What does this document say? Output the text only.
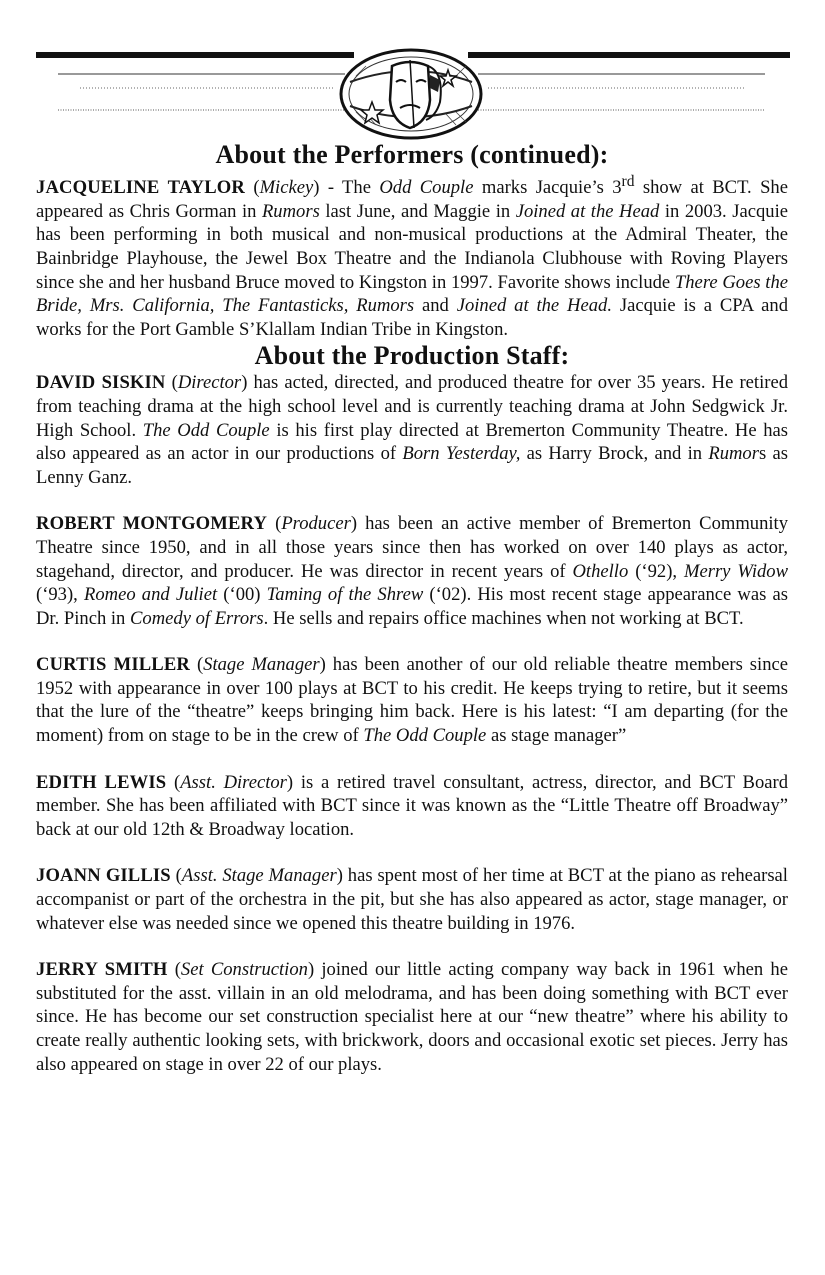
About the Performers (continued):

JACQUELINE TAYLOR (Mickey) - The Odd Couple marks Jacquie’s 3rd show at BCT. She appeared as Chris Gorman in Rumors last June, and Maggie in Joined at the Head in 2003. Jacquie has been performing in both musical and non-musical productions at the Admiral Theater, the Bainbridge Playhouse, the Jewel Box Theatre and the Indianola Clubhouse with Roving Players since she and her husband Bruce moved to Kingston in 1997. Favorite shows include There Goes the Bride, Mrs. California, The Fantasticks, Rumors and Joined at the Head. Jacquie is a CPA and works for the Port Gamble S’Klallam Indian Tribe in Kingston.

About the Production Staff:

DAVID SISKIN (Director) has acted, directed, and produced theatre for over 35 years. He retired from teaching drama at the high school level and is currently teaching drama at John Sedgwick Jr. High School. The Odd Couple is his first play directed at Bremerton Community Theatre. He has also appeared as an actor in our productions of Born Yesterday, as Harry Brock, and in Rumors as Lenny Ganz.

ROBERT MONTGOMERY (Producer) has been an active member of Bremerton Community Theatre since 1950, and in all those years since then has worked on over 140 plays as actor, stagehand, director, and producer. He was director in recent years of Othello (‘92), Merry Widow (‘93), Romeo and Juliet (‘00) Taming of the Shrew (‘02). His most recent stage appearance was as Dr. Pinch in Comedy of Errors. He sells and repairs office machines when not working at BCT.

CURTIS MILLER (Stage Manager) has been another of our old reliable theatre members since 1952 with appearance in over 100 plays at BCT to his credit. He keeps trying to retire, but it seems that the lure of the “theatre” keeps bringing him back. Here is his latest: “I am departing (for the moment) from on stage to be in the crew of The Odd Couple as stage manager”

EDITH LEWIS (Asst. Director) is a retired travel consultant, actress, director, and BCT Board member. She has been affiliated with BCT since it was known as the “Little Theatre off Broadway” back at our old 12th & Broadway location.

JOANN GILLIS (Asst. Stage Manager) has spent most of her time at BCT at the piano as rehearsal accompanist or part of the orchestra in the pit, but she has also appeared as actor, stage manager, or whatever else was needed since we opened this theatre building in 1976.

JERRY SMITH (Set Construction) joined our little acting company way back in 1961 when he substituted for the asst. villain in an old melodrama, and has been doing something with BCT ever since. He has become our set construction specialist here at our “new theatre” where his ability to create really authentic looking sets, with brickwork, doors and occasional exotic set pieces. Jerry has also appeared on stage in over 22 of our plays.
